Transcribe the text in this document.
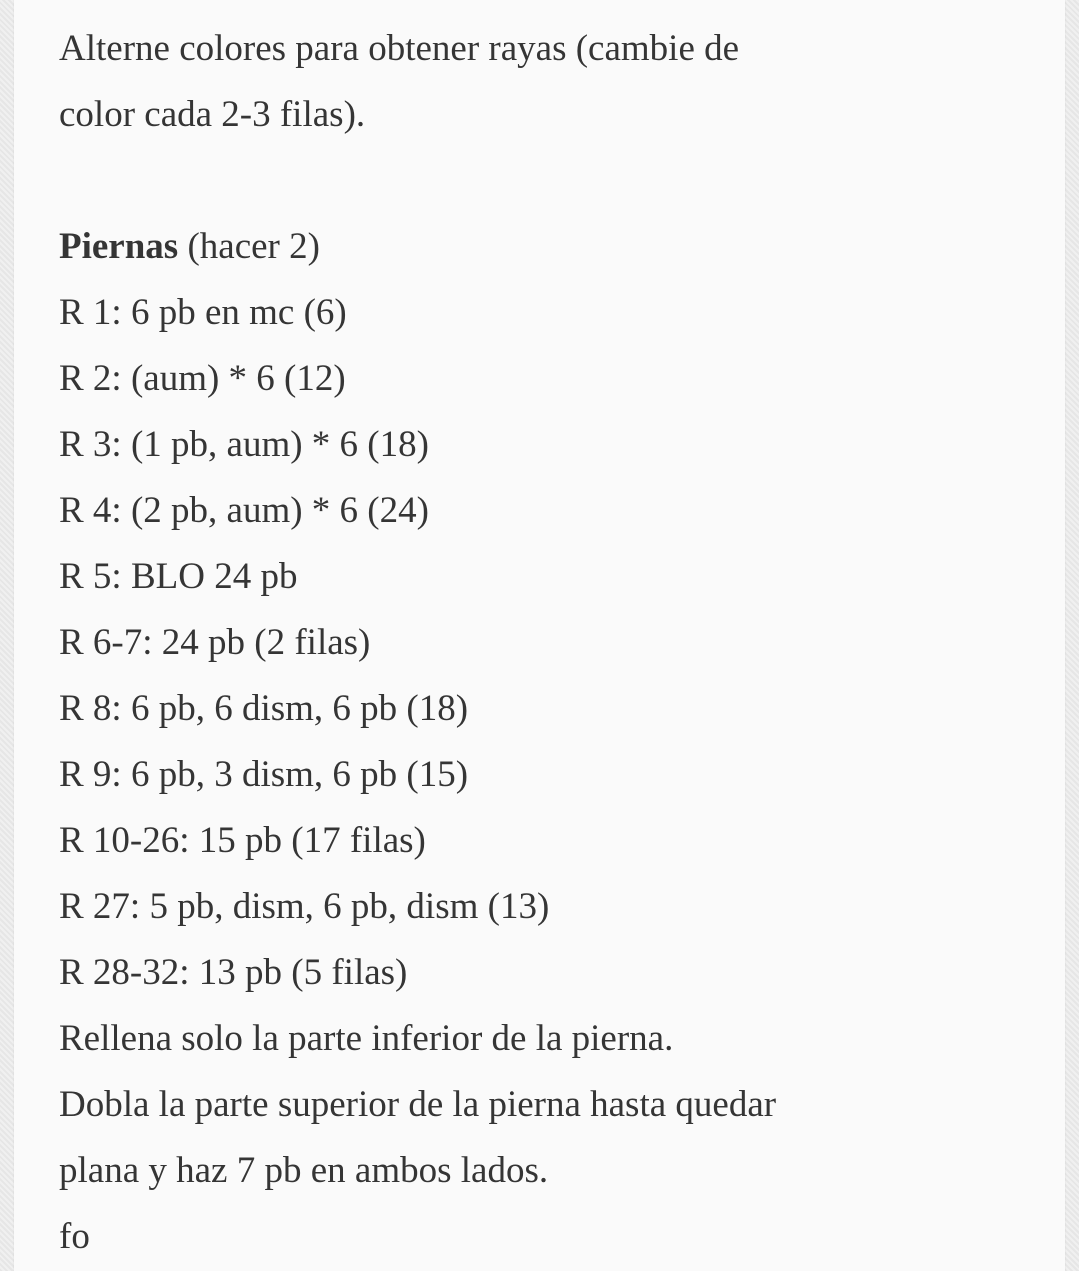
Alterne colores para obtener rayas (cambie de
color cada 2-3 filas).
Piernas (hacer 2)
R 1: 6 pb en mc (6)
R 2: (aum) * 6 (12)
R 3: (1 pb, aum) * 6 (18)
R 4: (2 pb, aum) * 6 (24)
R 5: BLO 24 pb
R 6-7: 24 pb (2 filas)
R 8: 6 pb, 6 dism, 6 pb (18)
R 9: 6 pb, 3 dism, 6 pb (15)
R 10-26: 15 pb (17 filas)
R 27: 5 pb, dism, 6 pb, dism (13)
R 28-32: 13 pb (5 filas)
Rellena solo la parte inferior de la pierna.
Dobla la parte superior de la pierna hasta quedar
plana y haz 7 pb en ambos lados.
fo
